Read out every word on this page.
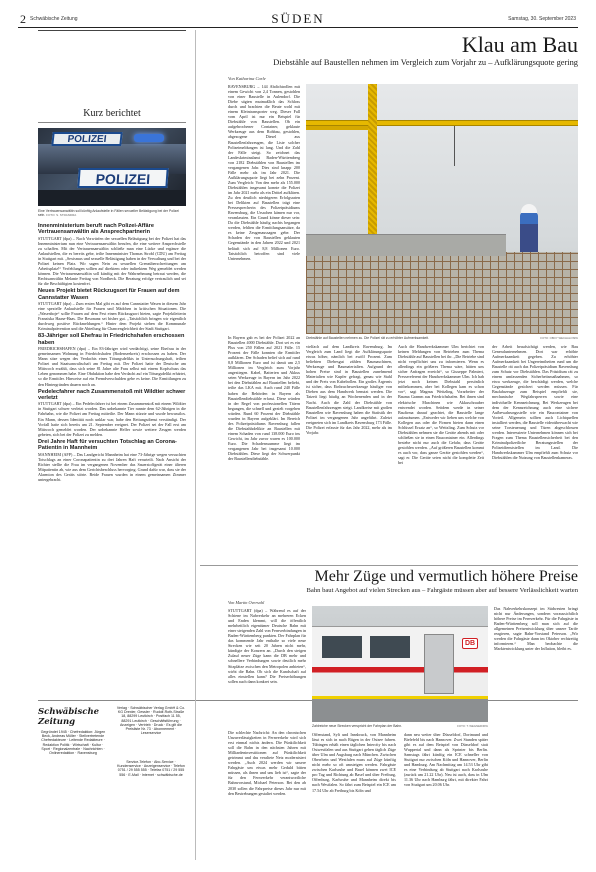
2 Schwäbische Zeitung	SÜDEN	Samstag, 30. September 2023
Kurz berichtet
POLIZEI
POLIZEI
Eine Vertrauensanwältin soll künftig Anlaufstelle in Fällen sexueller Belästigung bei der Polizei sein. FOTO: S. STRANDRA
Innenministerium beruft nach Polizei-Affäre Vertrauensanwältin als Ansprechpartnerin
STUTTGART (dpa) – Nach Vorwürfen der sexuellen Belästigung bei der Polizei hat das Innenministerium nun eine Vertrauensanwältin berufen, die eine weitere Ansprechstelle zu schaffen. Mit der Vertrauensanwältin schließe man eine Lücke und ergänze die Anlaufstellen, die es bereits gebe, teilte Innenminister Thomas Strobl (CDU) am Freitag in Stuttgart mit. „Sexismus und sexuelle Belästigung haben in der Verwaltung und bei der Polizei keinen Platz. Wir sagen Nein zu sexuellen Grenzüberschreitungen am Arbeitsplatz!“ Verfehlungen sollten auf direktem oder indirektem Weg gemeldet werden können. Die Vertrauensanwältin soll künftig mit der Wahrnehmung betraut werden, die Rechtsanwältin Melanie Freitag von Nordbeck. Die Beratung erfolge vertraulich und sei für die Beschäftigten kostenfrei.
Neues Projekt bietet Rückzugsort für Frauen auf dem Cannstatter Wasen
STUTTGART (dpa) – Zum ersten Mal gibt es auf dem Cannstatter Wasen in diesem Jahr eine spezielle Anlaufstelle für Frauen und Mädchen in kritischen Situationen. Die „Wasenboje“ sollte Frauen auf dem Fest einen Rückzugsort bieten, sagte Projektleiterin Franziska Haase-Haas. Die Resonanz sei bisher gut. „Tatsächlich bringen wir eigentlich durchweg positive Rückmeldungen.“ Hinter dem Projekt stehen die Kommunale Kriminalprävention und die Abteilung für Chancengleichheit der Stadt Stuttgart.
83-Jähriger soll Ehefrau in Friedrichshafen erschossen haben
FRIEDRICHSHAFEN (dpa) – Ein 83-Jähriger wird verdächtigt, seine Ehefrau in der gemeinsamen Wohnung in Friedrichshafen (Bodenseekreis) erschossen zu haben. Der Mann sitze wegen des Verdachts eines Tötungsdelikts in Untersuchungshaft, teilten Polizei und Staatsanwaltschaft am Freitag mit. Der Polizei hatte der Deutsche am Mittwoch erzählt, dass sich seine 81 Jahre alte Frau selbst mit einem Kopfschuss das Leben genommen habe. Eine Obduktion habe den Verdacht auf ein Tötungsdelikt erhärtet, so die Ermittler. Hinweise auf ein Fremdverschulden gebe es keine. Die Ermittlungen zu den Hintergründen dauern noch an.
Pedelecfahrer nach Zusammenstoß mit Wildtier schwer verletzt
STUTTGART (dpa) – Ein Pedelecfahrer ist bei einem Zusammenstoß mit einem Wildtier in Stuttgart schwer verletzt worden. Das unbekannte Tier rannte dem 62-Jährigen in die Fahrbahn, wie die Polizei am Freitag mitteilte. Der Mann stürzte und wurde bewusstlos. Ein Mann, dessen Identität noch unklar war, habe den Rettungsdienst verständigt. Der Vorfall hatte sich bereits am 21. September ereignet. Der Polizei sei der Fall erst am Mittwoch gemeldet worden. Der unbekannte Helfer sowie weitere Zeugen werden gebeten, sich bei der Polizei zu melden.
Drei Jahre Haft für versuchten Totschlag an Corona-Patientin in Mannheim
MANNHEIM (AFP) – Das Landgericht Mannheim hat eine 73-Jährige wegen versuchten Totschlags an einer Coronapatientin zu drei Jahren Haft verurteilt. Nach Ansicht der Richter stellte die Frau im vergangenen November das Sauerstoffgerät einer älteren Mitpatientin ab, wie aus dem Gerichtsbeschluss hervorging. Grund dafür war, dass sie der Alarmton des Geräts störte. Beide Frauen wurden in einem gemeinsamen Zimmer untergebracht.
Schwäbische Zeitung
Gegründet 1945 · Chefredaktion: Jürgen Beck, Andreas Müller · Stellvertretende Chefredakteure · Leitende Redakteure · Redaktion Politik · Wirtschaft · Kultur · Sport · Regionalzentrale · Nachrichten · Onlineredaktion · Ravensburg
Verlag · Schwäbischer Verlag GmbH & Co. KG Drexler, Gessler · Rudolf-Roth-Straße 18, 88299 Leutkirch · Postfach 11 55, 88291 Leutkirch · Geschäftsführung · Anzeigen · Vertrieb · Druck · Es gilt die Preisliste Nr. 73 · Abonnement · Leserservice
Service-Telefon · Abo-Service · Kundenservice · Anzeigenservice · Telefon 0751 / 29 555 555 · Telefax 0751 / 29 555 556 · E-Mail · Internet · schwäbische.de
Klau am Bau
Diebstähle auf Baustellen nehmen im Vergleich zum Vorjahr zu – Aufklärungsquote gering
Von Katharina Carle
RAVENSBURG – 144 Abdichtrollen mit einem Gewicht von 2,4 Tonnen, gestohlen von einer Baustelle in Aulendorf. Die Diebe sägten mutmaßlich das Schloss durch und brachten die Beute wohl mit einem Kleintransporter weg. Dieser Fall vom April ist nur ein Beispiel für Diebstähle von Baustellen. Ob ein aufgebrochener Container, geklaute Werkzeuge aus dem Rohbau, gestohlen, abgezogene Diesel aus Baustellenfahrzeugen, die Liste solcher Polizeimeldungen ist lang. Und die Zahl der Fälle steigt. So zeichnet das Landeskriminalamt Baden-Württemberg von 2182 Diebstählen von Baustellen im vergangenen Jahr. Dies sind knapp 200 Fälle mehr als im Jahr 2021. Die Aufklärungsquote liegt bei zehn Prozent. Zum Vergleich: Von den mehr als 155.000 Diebstählen insgesamt konnte die Polizei im Jahr 2021 mehr als ein Drittel aufklären. Zu den deutlich niedrigeren Erfolgsraten bei Delikten auf Baustellen trägt eine Pressesprecherin des Polizeipräsidiums Ravensburg, die Ursachen kämen nur vor, veranlassten. Ein Grund könne dieser sein: Da die Diebstähle häufig nachts begangen werden, fehlten die Ermittlungsansätze, da es keine Zeugenaussagen gebe. Der Schaden der von Baustellen geklauten Gegenstände in den Jahren 2022 und 2021 beläuft sich auf 8,8 Millionen Euro. Tatsächlich betroffen sind viele Unternehmen.
Diebstähle auf Baustellen nehmen zu. Die Polizei rät zu erhöhter Aufmerksamkeit.	FOTO: OBOY WECHALOSPA
In Bayern gab es bei der Polizei 2022 an Baustellen 4000 Diebstähle. Dort sei es ein Plus von 250 Fällen auf 2021 Fälle. 15 Prozent der Fälle konnten die Ermittler aufklären. Der Schaden belief sich auf rund 8,8 Millionen Euro und ist damit um 2,5 Millionen im Vergleich zum Vorjahr angestiegen. Kabel, Batterien und Akkus seien Werkzeuge in Bayern im Jahr 2022 bei den Diebstählen auf Baustellen beliebt, teilte das LKA mit. Auch rund 240 Fälle haben die Behörden in Bayern als Baustellendiebstähle erfasst. Diese würden in der Regel von professionellen Tätern begangen, die schnell und gezielt vorgehen würden. Rund 60 Prozent der Diebstähle wurden in Bayern aufgeklärt. Im Bereich des Polizeipräsidiums Ravensburg fallen die Diebstahlsdelikte an Baustellen mit einem Schaden von rund 138.000 Euro ins Gewicht, im Jahr zuvor waren es 100.000 Euro. Die Schadenssumme liegt im vergangenen Jahr bei insgesamt 10.000 Diebstählen. Diese liegt der Schwerpunkt der Baustellendiebstähle.
vielfach auf dem Landkreis Ravensburg. Im Vergleich zum Land liegt die Aufklärungsquote etwas höher, nämlich bei zwölf Prozent. Zum beliebten Diebesgut zählen Baumaschinen, Werkzeuge und Baumaterialien. Aufgrund der hohen Preise sind in Baustellen zunehmend Materialien wie Kupfer gefragt, genau wie Stahl und der Preis von Kabelrollen. Ein großes Ärgernis ist sicher, dass Einbruchswerkzeuge häufiger von Dieben aus dem Handwerk benutzt werden. Die Tatzeit liegt häufig an Wochenenden und in der Nacht. Auch die Zahl der Diebstähle von Baustellenfahrzeugen steigt. Landkreise mit großen Baustellen wie Ravensburg haben die Statistik der Polizei im vergangenen Jahr angeführt. Zuletzt ereigneten sich im Landkreis Ravensburg 173 Fälle. Die Polizei erfasste für das Jahr 2022, mehr als im Vorjahr.
Auch die Handwerkskammer Ulm berichtet von keinen Meldungen von Betrieben zum Thema Diebstähle auf Baustellen bei ihr. „Die Betriebe sind nicht verpflichtet uns zu informieren. Wenn es allerdings ein größeres Thema wäre, hätten uns sicher Anfragen erreicht“, so Giuseppe Palmieri, Pressereferent der Handwerkskammer Ulm. Ich hab jetzt noch keinen Diebstahl persönlich mitbekommen, aber bei Kollegen kam es schon vor“, sagt Magnus Weitzling, Vorarbeiter der Bauma Gramm aus Friedrichshafen. Bei ihnen sind elektrische Maschinen wie Akkuschrauber entwendet worden. Seitdem werde in seiner Baufirma darauf geachtet, die Baustelle lange aufzuräumen. „Entweder wir lieben uns welche von Kollegen aus oder die Firmen bieten dann einen Schlüssel Ersatz an“, so Weitzling. Zum Schutz vor Diebstählen nehmen sie die Geräte abends mit oder schließen sie in einen Baucontainer ein. Allerdings bestehe nicht nur auch die Gefahr, dass Geräte gestohlen werden. „Auf größeren Baustellen kommt es auch vor, dass ganze Geräte gestohlen werden“, sagt er. Die Geräte seien nicht die komplette Zeit bei
der Arbeit beaufsichtigt werden, wie Bau Generalunternehmen. Dort war erhöhte Aufmerksamkeit gegeben. Zu erhöhter Aufmerksamkeit bei Ungereimtheiten rund um die Baustelle rät auch das Polizeipräsidium Ravensburg zum Schutz vor Diebstählen. Das Präsidium rät zu einem umfassenden Sicherheitsmaßnahmen, so etwa werkzeuge, die beschädigt werden, welche Gegenstände gesichert werden müssen. Für Baufahrzeuge zum Beispiel empfiehlt sie, mechanische Wegfahrsperren sowie eine individuelle Kennzeichnung. Bei Werkzeugen bei dem der Kennzeichnung auch eine sichere Aufbewahrungsstelle wie ein Baucontainer von Vorteil. Allgemein sollten auch Lichtquellen installiert werden, die Baustelle videoüberwacht wie seine Torsteuerung und Türen abgeschlossen werden. Interessierte Unternehmen können sich bei Fragen zum Thema Baustellensicherheit bei den Kriminalpolizeiliche Beratungsstellen der Polizeidienststellen im Land. Die Handwerkskammer Ulm empfiehlt zum Schutz vor Diebstählen die Nutzung von Baustellenkameras.
Mehr Züge und vermutlich höhere Preise
Bahn baut Angebot auf vielen Strecken aus – Fahrgäste müssen aber auf bessere Verlässlichkeit warten
Von Martin Oversohl
STUTTGART (dpa) – Während es auf der Schiene im Nahverkehr an mehreren Ecken und Enden klemmt, will die öffentlich mehrheitlich eigentümer Deutsche Bahn mit einer steigenden Zahl von Fernverbindungen in Baden-Württemberg punkten. Der Fahrplan für das kommende Jahr enthalte so viele neue Strecken wie seit 20 Jahren nicht mehr, kündigte der Konzern an. „Durch den steigen Zulauf neuer Züge kann die DB mehr und schnellere Verbindungen sowie deutlich mehr Sitzplätze zwischen den Metropolen anbieten“, wirbt die Bahn. Ob sich die Kundschaft auf alles einstellen kann? Die Preiserhöhungen sollen auch dann konkret sein.
DB
Zahlreiche neue Strecken verspricht der Fahrplan der Bahn.	FOTO: T. WEGNER/FPA
Das Nahverkehrskonzept im Südwesten bringt nicht nur Änderungen, sondern voraussichtlich höhere Preise im Fernverkehr. Für die Fahrgäste in Baden-Württemberg soll man sich auf die allgemeinen Preisentwicklung über unsere Tarife reagieren, sagte Bahn-Vorstand Peterson. „Wir werden die Fahrgäste dann im Oktober rechtzeitig informieren.“ Man beobachte die Marktentwicklung unter der Inflation, bleibt es.
Die schlechte Nachricht: An den chronischen Unzuverlässigkeiten in Fernverkehr wird sich erst einmal nichts ändern. Die Pünktlichkeit soll die Bahn in den nächsten Jahren mit Milliardeninvestitionen auf Pünktlichkeit getrimmt und das veraltete Netz modernisiert werden. „Auch 2024 werden wir unsere Fahrgäste um etwas mehr Geduld bitten müssen, als ihnen und uns lieb ist“, sagte der für den Fernverkehr verantwortliche Bahnvorstand, Michael Peterson. Bei den ab 2030 sollen die Fahrpreise dieses Jahr nur mit den Bestrebungen gestaltet werden.
Offenstand, Sylt und Innsbruck, von Mannheim lässt es sich in nach Rügen in der Ostsee fahren. Tübingen erhält einen täglichen Intercity bis nach Ostwestfalen und aus Stuttgart gehen täglich Züge über Ulm und Augsburg nach München. Zwischen Oberrhein und Westfalen muss auf Züge künftig nicht mehr so oft umsteigen werden. Fahrgäste zwischen Karlsruhe und Basel können zwei ICE pro Tag und Richtung ab Basel und über Freiburg, Offenburg, Karlsruhe und Mannheim direkt bis nach Westfalen. So fährt zum Beispiel ein ICE um 17.54 Uhr ab Freiburg bis Köln und
dann neu weiter über Düsseldorf, Dortmund und Bielefeld bis nach Hannover. Zwei Stunden später gibt es auf dem Beispiel von Düsseldorf statt Wuppertal und dann als Sprinter bis Berlin. Samstags fährt künftig ein ICE schneller von Stuttgart nur zwischen Köln und Hannover, Berlin und Hamburg. Am Nachmittag um 14.53 Uhr gibt es eine Verbindung ab Stuttgart nach Karlsruhe (zurück um 21.22 Uhr). Neu ist auch, dass in Ulm 11.36 Uhr nach Hamburg fährt, mit direkter Fahrt von Stuttgart um 20.06 Uhr.
